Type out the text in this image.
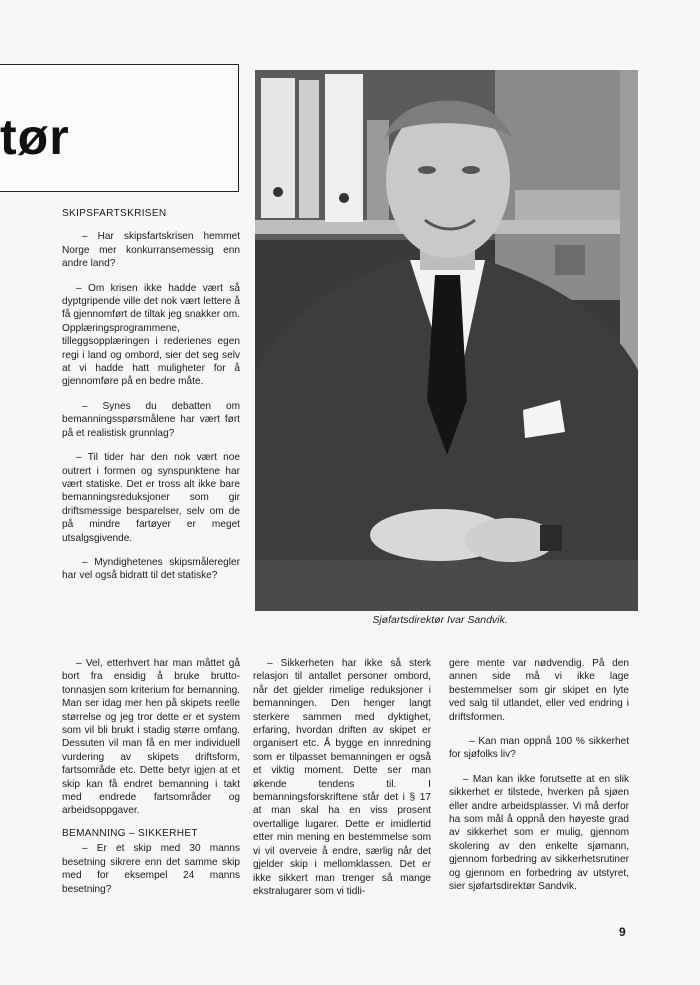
tør
Sjøfartsdirektør Ivar Sandvik.
SKIPSFARTSKRISEN

– Har skipsfartskrisen hemmet Norge mer konkurransemessig enn andre land?

– Om krisen ikke hadde vært så dyptgripende ville det nok vært lettere å få gjennomført de tiltak jeg snakker om. Opplæringsprogrammene, tilleggsopplæringen i rederienes egen regi i land og ombord, sier det seg selv at vi hadde hatt muligheter for å gjennomføre på en bedre måte.

– Synes du debatten om bemanningsspørsmålene har vært ført på et realistisk grunnlag?

– Til tider har den nok vært noe outrert i formen og synspunktene har vært statiske. Det er tross alt ikke bare bemanningsreduksjoner som gir driftsmessige besparelser, selv om de på mindre fartøyer er meget utsalgsgivende.

– Myndighetenes skipsmåleregler har vel også bidratt til det statiske?

– Vel, etterhvert har man måttet gå bort fra ensidig å bruke brutto-tonnasjen som kriterium for bemanning. Man ser idag mer hen på skipets reelle størrelse og jeg tror dette er et system som vil bli brukt i stadig større omfang. Dessuten vil man få en mer individuell vurdering av skipets driftsform, fartsområde etc. Dette betyr igjen at et skip kan få endret bemanning i takt med endrede fartsområder og arbeidsoppgaver.

BEMANNING – SIKKERHET

– Er et skip med 30 manns besetning sikrere enn det samme skip med for eksempel 24 manns besetning?

– Sikkerheten har ikke så sterk relasjon til antallet personer ombord, når det gjelder rimelige reduksjoner i bemanningen. Den henger langt sterkere sammen med dyktighet, erfaring, hvordan driften av skipet er organisert etc. Å bygge en innredning som er tilpasset bemanningen er også et viktig moment. Dette ser man økende tendens til. I bemanningsforskriftene står det i § 17 at man skal ha en viss prosent overtallige lugarer. Dette er imidlertid etter min mening en bestemmelse som vi vil overveie å endre, særlig når det gjelder skip i mellomklassen. Det er ikke sikkert man trenger så mange ekstralugarer som vi tidli-

gere mente var nødvendig. På den annen side må vi ikke lage bestemmelser som gir skipet en lyte ved salg til utlandet, eller ved endring i driftsformen.

– Kan man oppnå 100 % sikkerhet for sjøfolks liv?

– Man kan ikke forutsette at en slik sikkerhet er tilstede, hverken på sjøen eller andre arbeidsplasser. Vi må derfor ha som mål å oppnå den høyeste grad av sikkerhet som er mulig, gjennom skolering av den enkelte sjømann, gjennom forbedring av sikkerhetsrutiner og gjennom en forbedring av utstyret, sier sjøfartsdirektør Sandvik.

9
